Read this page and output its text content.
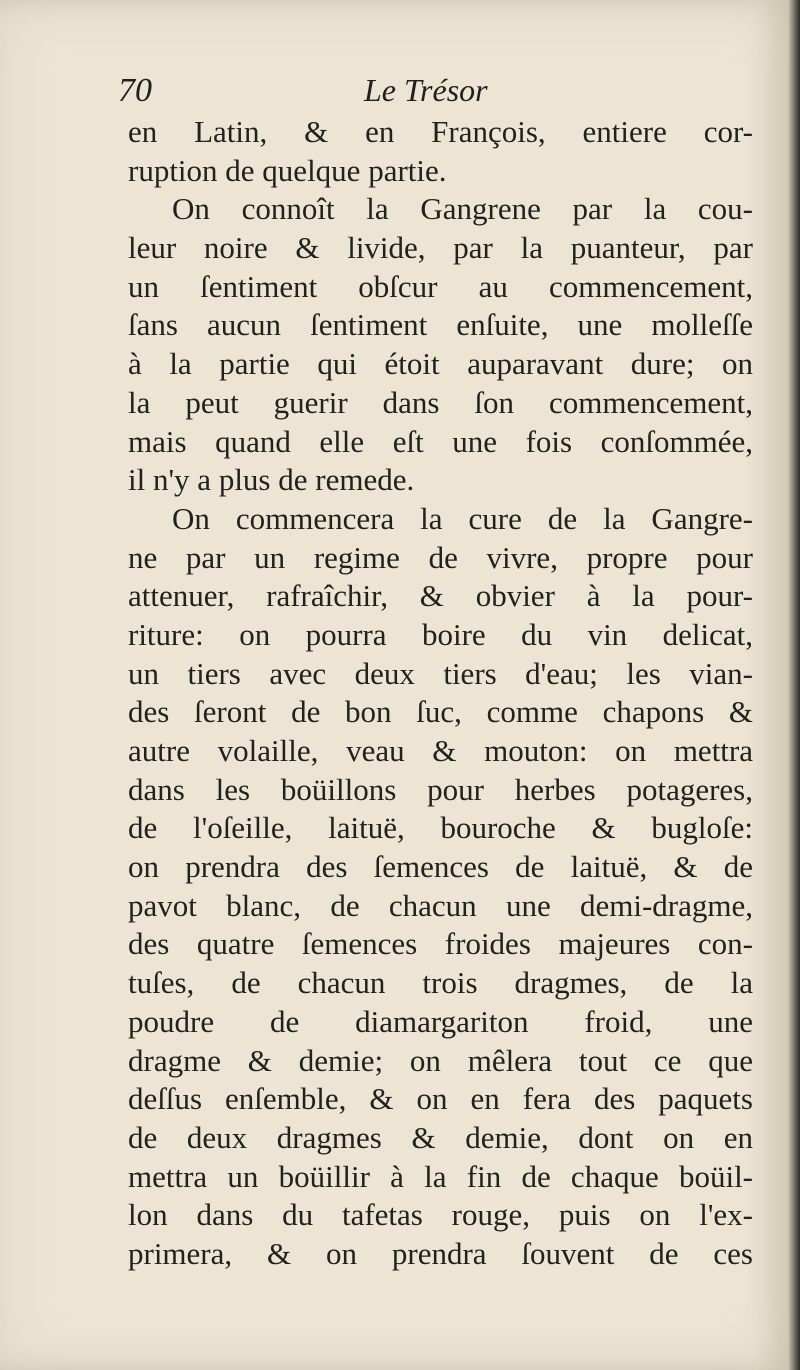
70	Le Trésor
en Latin, & en François, entiere cor-
ruption de quelque partie.
On connoît la Gangrene par la cou-
leur noire & livide, par la puanteur, par
un ſentiment obſcur au commencement,
ſans aucun ſentiment enſuite, une molleſſe
à la partie qui étoit auparavant dure; on
la peut guerir dans ſon commencement,
mais quand elle eſt une fois conſommée,
il n'y a plus de remede.
On commencera la cure de la Gangre-
ne par un regime de vivre, propre pour
attenuer, rafraîchir, & obvier à la pour-
riture: on pourra boire du vin delicat,
un tiers avec deux tiers d'eau; les vian-
des ſeront de bon ſuc, comme chapons &
autre volaille, veau & mouton: on mettra
dans les boüillons pour herbes potageres,
de l'oſeille, laituë, bouroche & bugloſe:
on prendra des ſemences de laituë, & de
pavot blanc, de chacun une demi-dragme,
des quatre ſemences froides majeures con-
tuſes, de chacun trois dragmes, de la
poudre de diamargariton froid, une
dragme & demie; on mêlera tout ce que
deſſus enſemble, & on en fera des paquets
de deux dragmes & demie, dont on en
mettra un boüillir à la fin de chaque boüil-
lon dans du tafetas rouge, puis on l'ex-
primera, & on prendra ſouvent de ces
